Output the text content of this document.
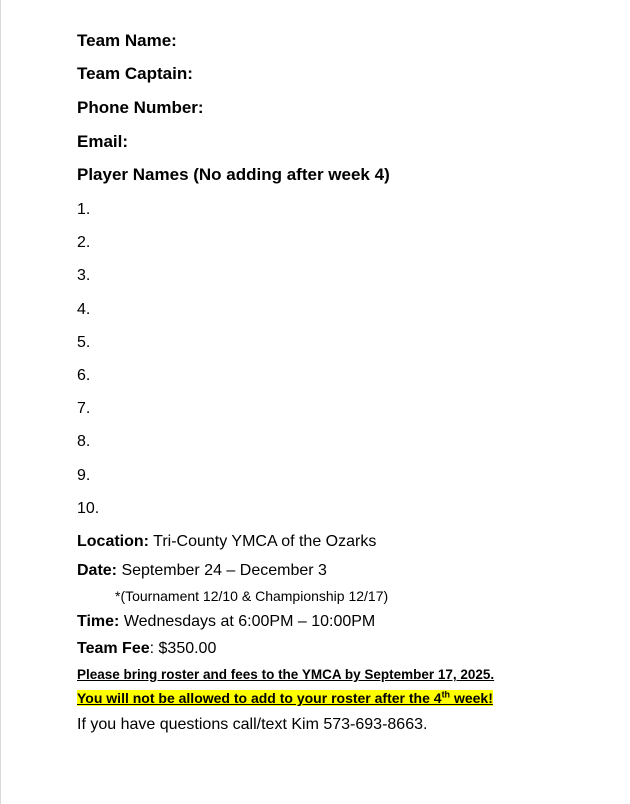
Team Name:
Team Captain:
Phone Number:
Email:
Player Names (No adding after week 4)
1.
2.
3.
4.
5.
6.
7.
8.
9.
10.
Location: Tri-County YMCA of the Ozarks
Date: September 24 – December 3
*(Tournament 12/10 & Championship 12/17)
Time: Wednesdays at 6:00PM – 10:00PM
Team Fee: $350.00
Please bring roster and fees to the YMCA by September 17, 2025.
You will not be allowed to add to your roster after the 4th week!
If you have questions call/text Kim 573-693-8663.
